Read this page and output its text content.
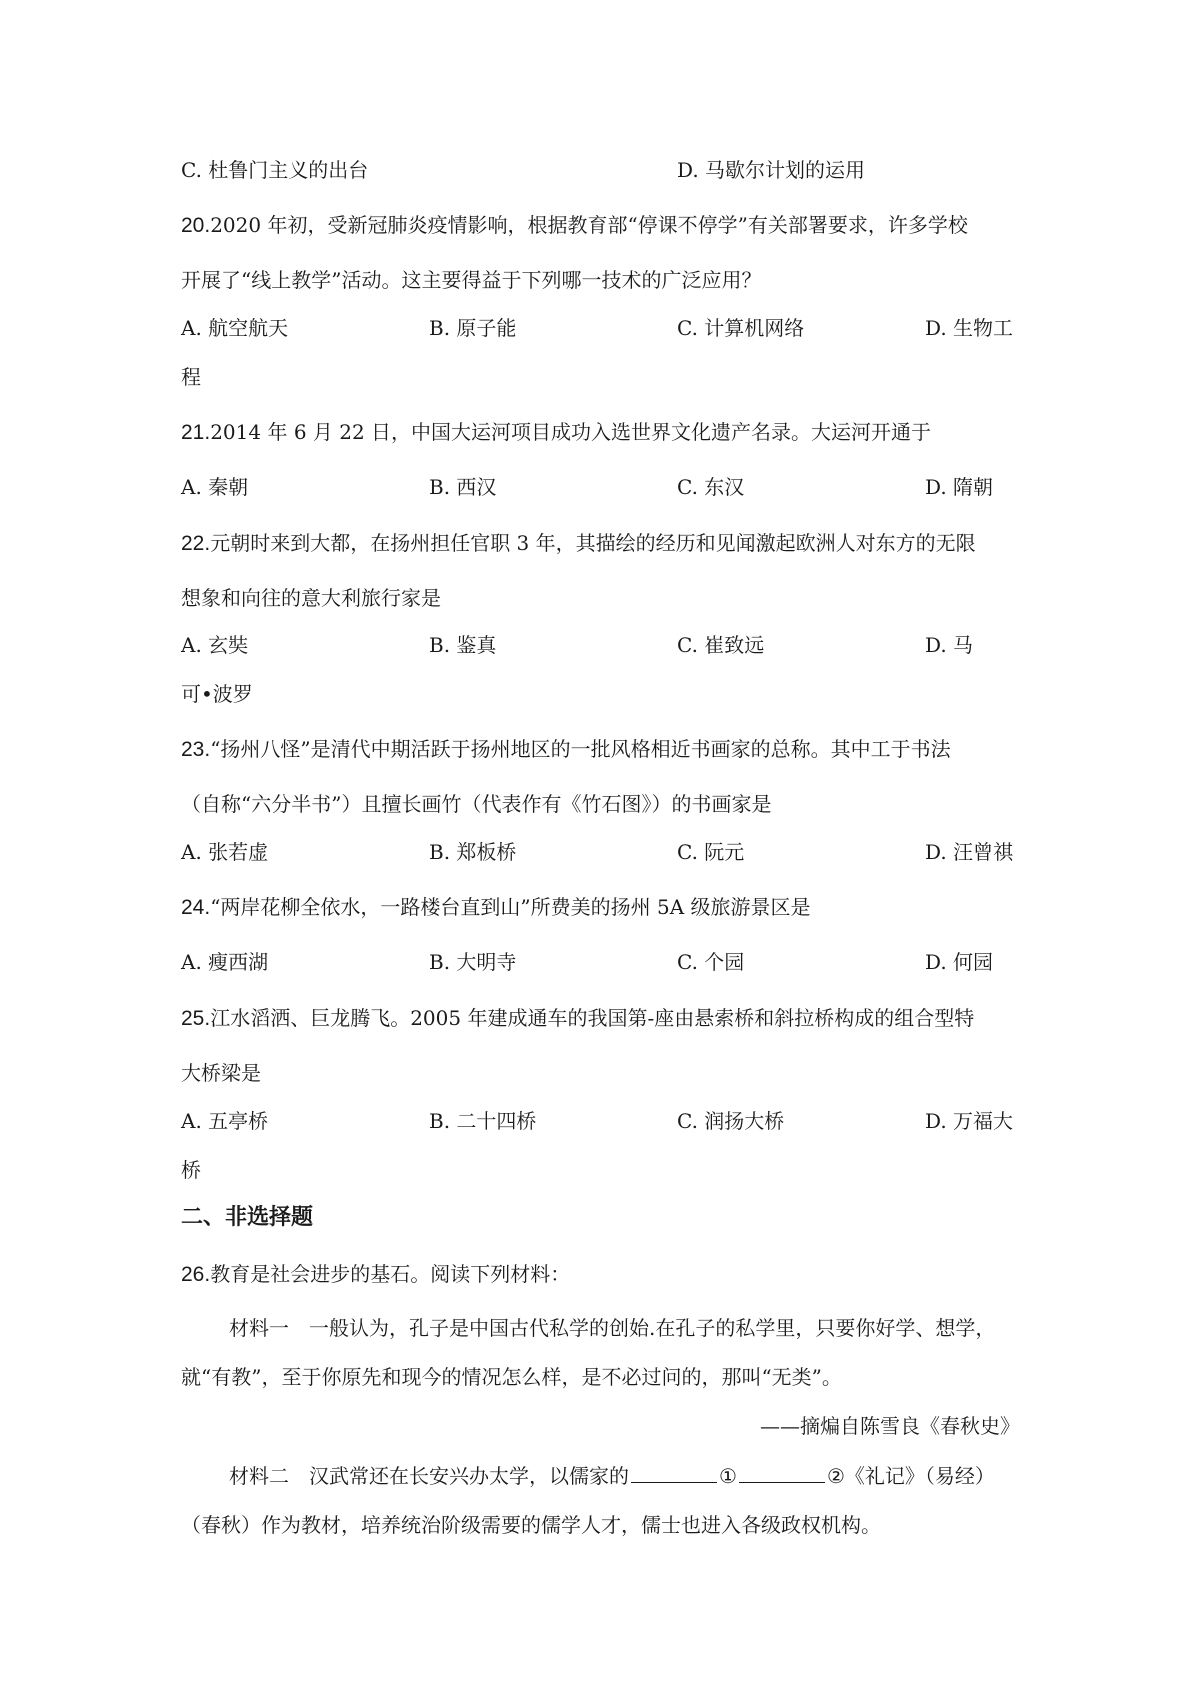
C. 杜鲁门主义的出台	D. 马歇尔计划的运用
20.2020 年初，受新冠肺炎疫情影响，根据教育部“停课不停学”有关部署要求，许多学校
开展了“线上教学”活动。这主要得益于下列哪一技术的广泛应用？
A. 航空航天	B. 原子能	C. 计算机网络	D. 生物工
程
21.2014 年 6 月 22 日，中国大运河项目成功入选世界文化遗产名录。大运河开通于
A. 秦朝	B. 西汉	C. 东汉	D. 隋朝
22.元朝时来到大都，在扬州担任官职 3 年，其描绘的经历和见闻激起欧洲人对东方的无限
想象和向往的意大利旅行家是
A. 玄奘	B. 鉴真	C. 崔致远	D. 马
可•波罗
23.“扬州八怪”是清代中期活跃于扬州地区的一批风格相近书画家的总称。其中工于书法
（自称“六分半书”）且擅长画竹（代表作有《竹石图》）的书画家是
A. 张若虚	B. 郑板桥	C. 阮元	D. 汪曾祺
24.“两岸花柳全依水，一路楼台直到山”所费美的扬州 5A 级旅游景区是
A. 瘦西湖	B. 大明寺	C. 个园	D. 何园
25.江水滔洒、巨龙腾飞。2005 年建成通车的我国第-座由悬索桥和斜拉桥构成的组合型特
大桥梁是
A. 五亭桥	B. 二十四桥	C. 润扬大桥	D. 万福大
桥
二、非选择题
26.教育是社会进步的基石。阅读下列材料：
材料一　一般认为，孔子是中国古代私学的创始.在孔子的私学里，只要你好学、想学，
就“有教”，至于你原先和现今的情况怎么样，是不必过问的，那叫“无类”。
——摘煸自陈雪良《春秋史》
材料二　汉武常还在长安兴办太学，以儒家的	①	②《礼记》（易经）
（春秋）作为教材，培养统治阶级需要的儒学人才，儒士也进入各级政权机构。
